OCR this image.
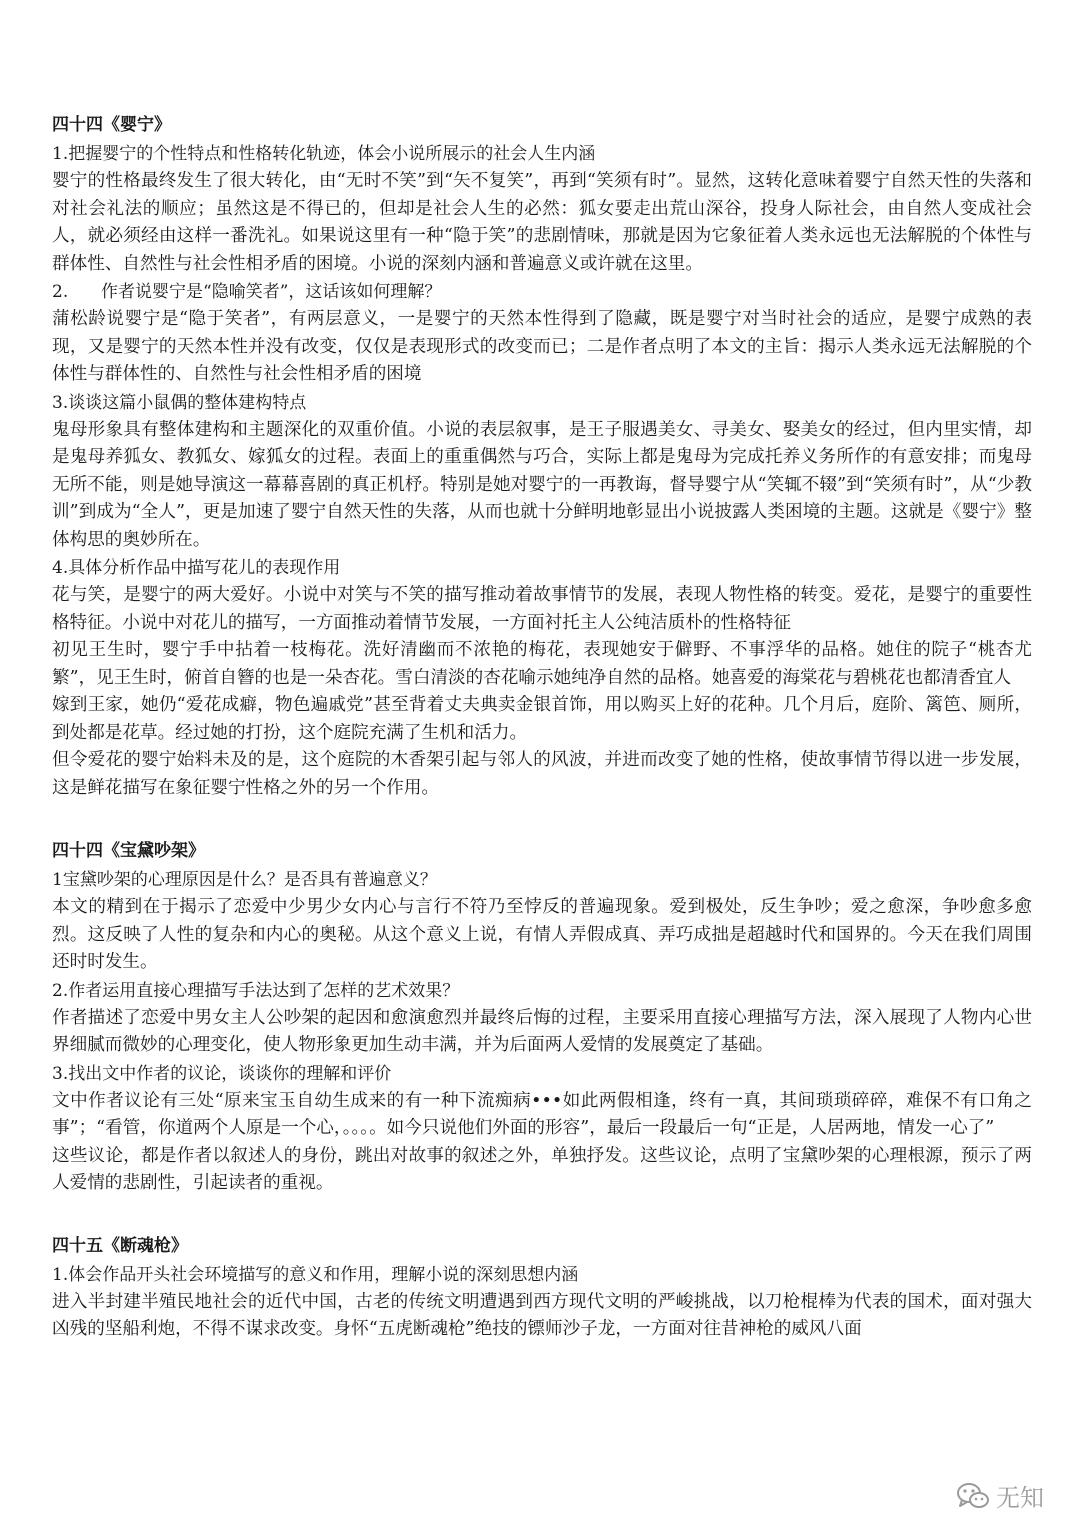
四十四《婴宁》

1.把握婴宁的个性特点和性格转化轨迹，体会小说所展示的社会人生内涵

婴宁的性格最终发生了很大转化，由“无时不笑”到“矢不复笑”，再到“笑须有时”。显然，这转化意味着婴宁自然天性的失落和对社会礼法的顺应；虽然这是不得已的，但却是社会人生的必然：狐女要走出荒山深谷，投身人际社会，由自然人变成社会人，就必须经由这样一番洗礼。如果说这里有一种“隐于笑”的悲剧情味，那就是因为它象征着人类永远也无法解脱的个体性与群体性、自然性与社会性相矛盾的困境。小说的深刻内涵和普遍意义或许就在这里。

2. 作者说婴宁是“隐喻笑者”，这话该如何理解？

蒲松龄说婴宁是“隐于笑者”，有两层意义，一是婴宁的天然本性得到了隐藏，既是婴宁对当时社会的适应，是婴宁成熟的表现，又是婴宁的天然本性并没有改变，仅仅是表现形式的改变而已；二是作者点明了本文的主旨：揭示人类永远无法解脱的个体性与群体性的、自然性与社会性相矛盾的困境

3.谈谈这篇小鼠偶的整体建构特点

鬼母形象具有整体建构和主题深化的双重价值。小说的表层叙事，是王子服遇美女、寻美女、娶美女的经过，但内里实情，却是鬼母养狐女、教狐女、嫁狐女的过程。表面上的重重偶然与巧合，实际上都是鬼母为完成托养义务所作的有意安排；而鬼母无所不能，则是她导演这一幕幕喜剧的真正机杼。特别是她对婴宁的一再教诲，督导婴宁从“笑辄不辍”到“笑须有时”，从“少教训”到成为“全人”，更是加速了婴宁自然天性的失落，从而也就十分鲜明地彰显出小说披露人类困境的主题。这就是《婴宁》整体构思的奥妙所在。

4.具体分析作品中描写花儿的表现作用

花与笑，是婴宁的两大爱好。小说中对笑与不笑的描写推动着故事情节的发展，表现人物性格的转变。爱花，是婴宁的重要性格特征。小说中对花儿的描写，一方面推动着情节发展，一方面衬托主人公纯洁质朴的性格特征

初见王生时，婴宁手中拈着一枝梅花。洗好清幽而不浓艳的梅花，表现她安于僻野、不事浮华的品格。她住的院子“桃杏尤繁”，见王生时，俯首自簪的也是一朵杏花。雪白清淡的杏花喻示她纯净自然的品格。她喜爱的海棠花与碧桃花也都清香宜人

嫁到王家，她仍“爱花成癖，物色遍戚党”甚至背着丈夫典卖金银首饰，用以购买上好的花种。几个月后，庭阶、篱笆、厕所，到处都是花草。经过她的打扮，这个庭院充满了生机和活力。

但令爱花的婴宁始料未及的是，这个庭院的木香架引起与邻人的风波，并进而改变了她的性格，使故事情节得以进一步发展，这是鲜花描写在象征婴宁性格之外的另一个作用。

四十四《宝黛吵架》

1宝黛吵架的心理原因是什么？是否具有普遍意义？

本文的精到在于揭示了恋爱中少男少女内心与言行不符乃至悖反的普遍现象。爱到极处，反生争吵；爱之愈深，争吵愈多愈烈。这反映了人性的复杂和内心的奥秘。从这个意义上说，有情人弄假成真、弄巧成拙是超越时代和国界的。今天在我们周围还时时发生。

2.作者运用直接心理描写手法达到了怎样的艺术效果？

作者描述了恋爱中男女主人公吵架的起因和愈演愈烈并最终后悔的过程，主要采用直接心理描写方法，深入展现了人物内心世界细腻而微妙的心理变化，使人物形象更加生动丰满，并为后面两人爱情的发展奠定了基础。

3.找出文中作者的议论，谈谈你的理解和评价

文中作者议论有三处“原来宝玉自幼生成来的有一种下流痴病•••如此两假相逢，终有一真，其间琐琐碎碎，难保不有口角之事”；“看管，你道两个人原是一个心，。。。。如今只说他们外面的形容”，最后一段最后一句“正是，人居两地，情发一心了”

这些议论，都是作者以叙述人的身份，跳出对故事的叙述之外，单独抒发。这些议论，点明了宝黛吵架的心理根源，预示了两人爱情的悲剧性，引起读者的重视。

四十五《断魂枪》

1.体会作品开头社会环境描写的意义和作用，理解小说的深刻思想内涵

进入半封建半殖民地社会的近代中国，古老的传统文明遭遇到西方现代文明的严峻挑战，以刀枪棍棒为代表的国术，面对强大凶残的坚船利炮，不得不谋求改变。身怀“五虎断魂枪”绝技的镖师沙子龙，一方面对往昔神枪的威风八面

无知
